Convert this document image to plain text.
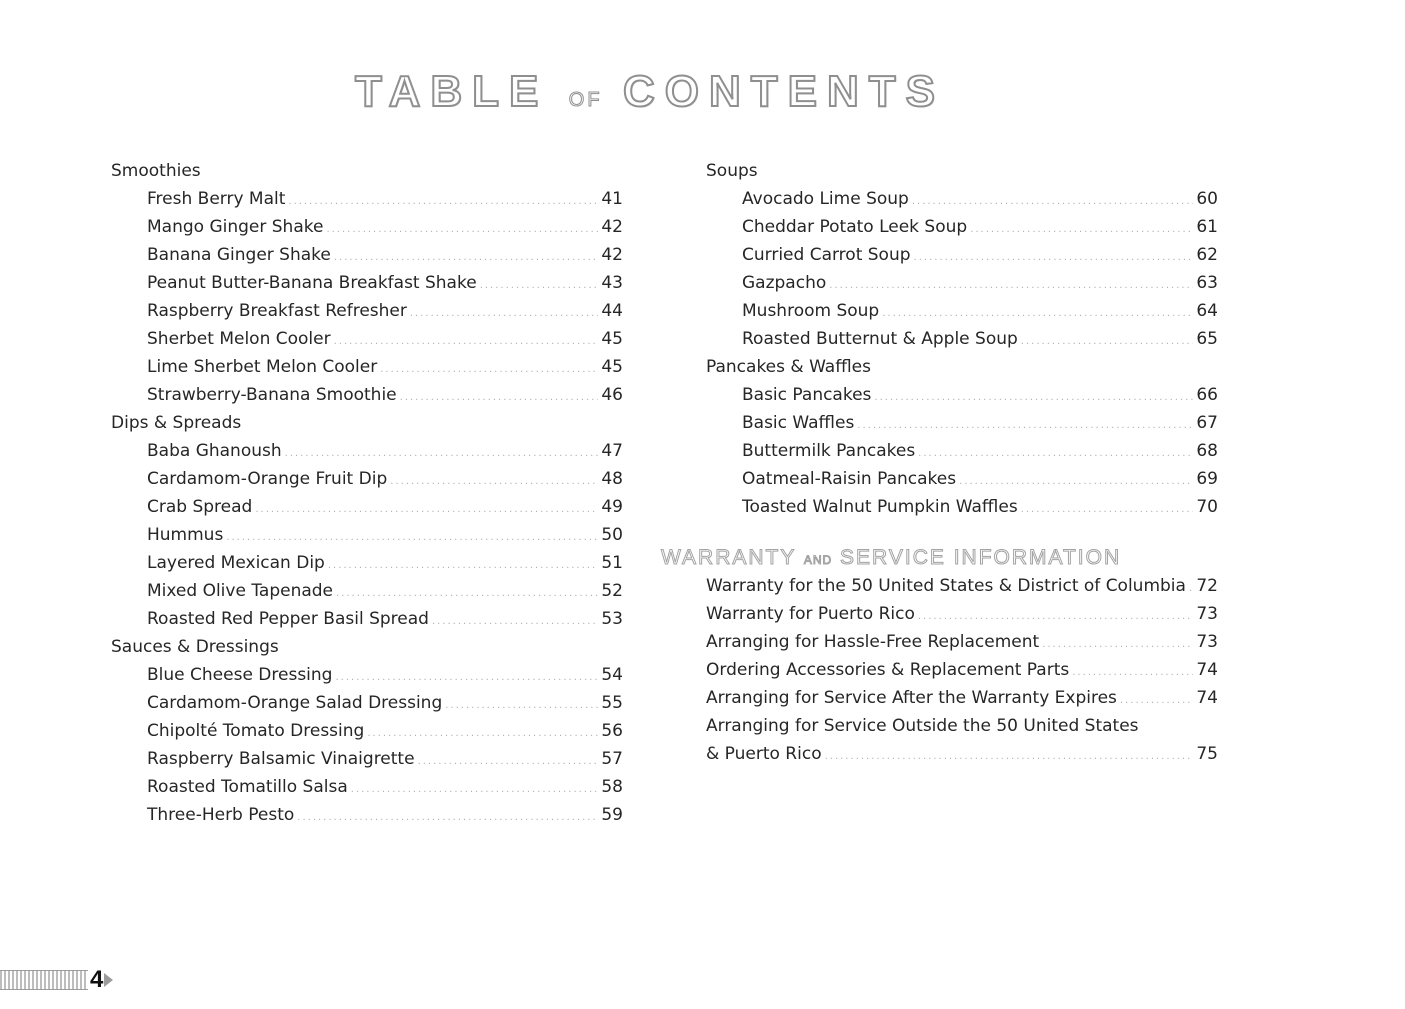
TABLE OF CONTENTS
Smoothies
Fresh Berry Malt .....	41
Mango Ginger Shake .....	42
Banana Ginger Shake .....	42
Peanut Butter-Banana Breakfast Shake .....	43
Raspberry Breakfast Refresher .....	44
Sherbet Melon Cooler .....	45
Lime Sherbet Melon Cooler .....	45
Strawberry-Banana Smoothie .....	46
Dips & Spreads
Baba Ghanoush .....	47
Cardamom-Orange Fruit Dip .....	48
Crab Spread .....	49
Hummus .....	50
Layered Mexican Dip .....	51
Mixed Olive Tapenade .....	52
Roasted Red Pepper Basil Spread .....	53
Sauces & Dressings
Blue Cheese Dressing .....	54
Cardamom-Orange Salad Dressing .....	55
Chipolté Tomato Dressing .....	56
Raspberry Balsamic Vinaigrette .....	57
Roasted Tomatillo Salsa .....	58
Three-Herb Pesto .....	59
Soups
Avocado Lime Soup .....	60
Cheddar Potato Leek Soup .....	61
Curried Carrot Soup .....	62
Gazpacho .....	63
Mushroom Soup .....	64
Roasted Butternut & Apple Soup .....	65
Pancakes & Waffles
Basic Pancakes .....	66
Basic Waffles .....	67
Buttermilk Pancakes .....	68
Oatmeal-Raisin Pancakes .....	69
Toasted Walnut Pumpkin Waffles .....	70
WARRANTY AND SERVICE INFORMATION
Warranty for the 50 United States & District of Columbia ..... 72
Warranty for Puerto Rico .....	73
Arranging for Hassle-Free Replacement .....	73
Ordering Accessories & Replacement Parts .....	74
Arranging for Service After the Warranty Expires .....	74
Arranging for Service Outside the 50 United States
& Puerto Rico .....	75
4
